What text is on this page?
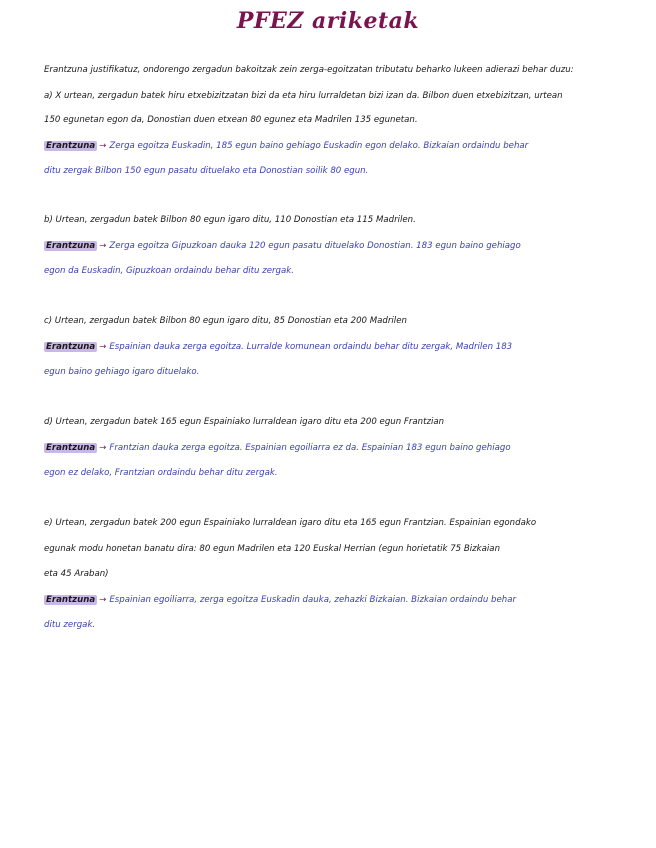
PFEZ ariketak
Erantzuna justifikatuz, ondorengo zergadun bakoitzak zein zerga-egoitzatan tributatu beharko lukeen adierazi behar duzu:
a) X urtean, zergadun batek hiru etxebizitzatan bizi da eta hiru lurraldetan bizi izan da. Bilbon duen etxebizitzan, urtean
150 egunetan egon da, Donostian duen etxean 80 egunez eta Madrilen 135 egunetan.
Erantzuna → Zerga egoitza Euskadin, 185 egun baino gehiago Euskadin egon delako. Bizkaian ordaindu behar
ditu zergak Bilbon 150 egun pasatu dituelako eta Donostian soilik 80 egun.
b) Urtean, zergadun batek Bilbon 80 egun igaro ditu, 110 Donostian eta 115 Madrilen.
Erantzuna → Zerga egoitza Gipuzkoan dauka 120 egun pasatu dituelako Donostian. 183 egun baino gehiago
egon da Euskadin, Gipuzkoan ordaindu behar ditu zergak.
c) Urtean, zergadun batek Bilbon 80 egun igaro ditu, 85 Donostian eta 200 Madrilen
Erantzuna → Espainian dauka zerga egoitza. Lurralde komunean ordaindu behar ditu zergak, Madrilen 183
egun baino gehiago igaro dituelako.
d) Urtean, zergadun batek 165 egun Espainiako lurraldean igaro ditu eta 200 egun Frantzian
Erantzuna → Frantzian dauka zerga egoitza. Espainian egoiliarra ez da. Espainian 183 egun baino gehiago
egon ez delako, Frantzian ordaindu behar ditu zergak.
e) Urtean, zergadun batek 200 egun Espainiako lurraldean igaro ditu eta 165 egun Frantzian. Espainian egondako
egunak modu honetan banatu dira: 80 egun Madrilen eta 120 Euskal Herrian (egun horietatik 75 Bizkaian
eta 45 Araban)
Erantzuna → Espainian egoiliarra, zerga egoitza Euskadin dauka, zehazki Bizkaian. Bizkaian ordaindu behar
ditu zergak.
